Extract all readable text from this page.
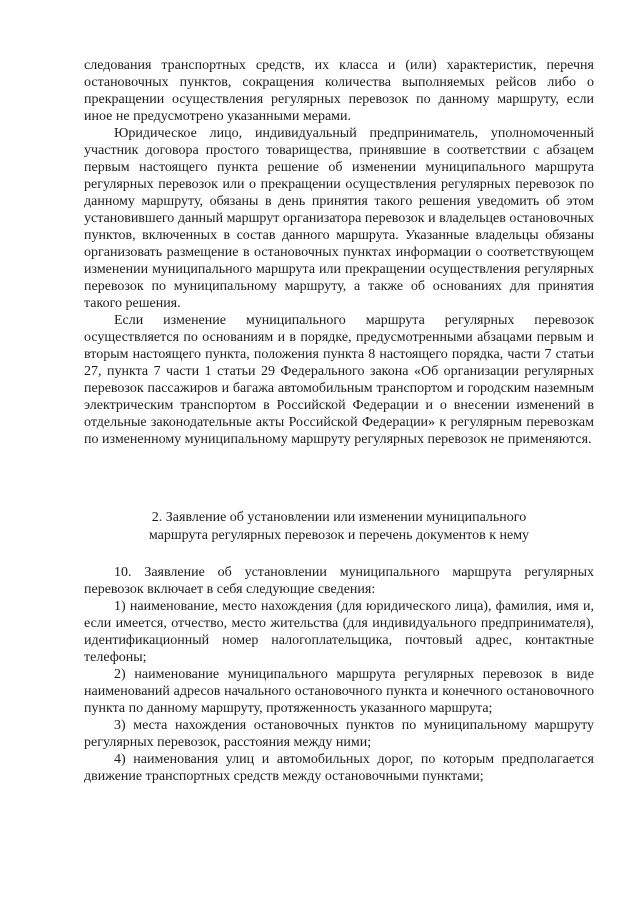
следования транспортных средств, их класса и (или) характеристик, перечня остановочных пунктов, сокращения количества выполняемых рейсов либо о прекращении осуществления регулярных перевозок по данному маршруту, если иное не предусмотрено указанными мерами.

Юридическое лицо, индивидуальный предприниматель, уполномоченный участник договора простого товарищества, принявшие в соответствии с абзацем первым настоящего пункта решение об изменении муниципального маршрута регулярных перевозок или о прекращении осуществления регулярных перевозок по данному маршруту, обязаны в день принятия такого решения уведомить об этом установившего данный маршрут организатора перевозок и владельцев остановочных пунктов, включенных в состав данного маршрута. Указанные владельцы обязаны организовать размещение в остановочных пунктах информации о соответствующем изменении муниципального маршрута или прекращении осуществления регулярных перевозок по муниципальному маршруту, а также об основаниях для принятия такого решения.

Если изменение муниципального маршрута регулярных перевозок осуществляется по основаниям и в порядке, предусмотренными абзацами первым и вторым настоящего пункта, положения пункта 8 настоящего порядка, части 7 статьи 27, пункта 7 части 1 статьи 29 Федерального закона «Об организации регулярных перевозок пассажиров и багажа автомобильным транспортом и городским наземным электрическим транспортом в Российской Федерации и о внесении изменений в отдельные законодательные акты Российской Федерации» к регулярным перевозкам по измененному муниципальному маршруту регулярных перевозок не применяются.

2. Заявление об установлении или изменении муниципального

маршрута регулярных перевозок и перечень документов к нему

10. Заявление об установлении муниципального маршрута регулярных перевозок включает в себя следующие сведения:

1) наименование, место нахождения (для юридического лица), фамилия, имя и, если имеется, отчество, место жительства (для индивидуального предпринимателя), идентификационный номер налогоплательщика, почтовый адрес, контактные телефоны;

2) наименование муниципального маршрута регулярных перевозок в виде наименований адресов начального остановочного пункта и конечного остановочного пункта по данному маршруту, протяженность указанного маршрута;

3) места нахождения остановочных пунктов по муниципальному маршруту регулярных перевозок, расстояния между ними;

4) наименования улиц и автомобильных дорог, по которым предполагается движение транспортных средств между остановочными пунктами;
